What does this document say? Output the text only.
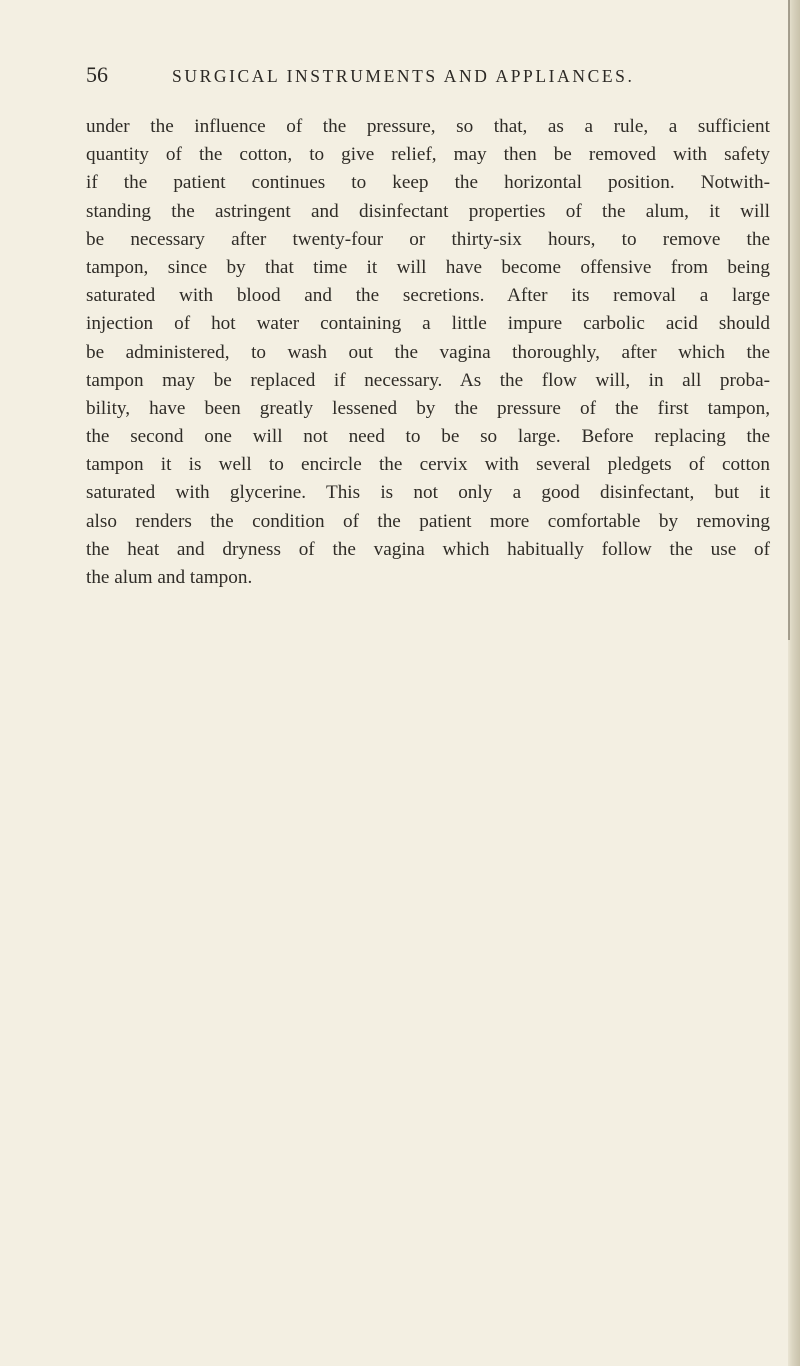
56	SURGICAL INSTRUMENTS AND APPLIANCES.
under the influence of the pressure, so that, as a rule, a sufficient
quantity of the cotton, to give relief, may then be removed with safety
if the patient continues to keep the horizontal position. Notwith-
standing the astringent and disinfectant properties of the alum, it will
be necessary after twenty-four or thirty-six hours, to remove the
tampon, since by that time it will have become offensive from being
saturated with blood and the secretions. After its removal a large
injection of hot water containing a little impure carbolic acid should
be administered, to wash out the vagina thoroughly, after which the
tampon may be replaced if necessary. As the flow will, in all proba-
bility, have been greatly lessened by the pressure of the first tampon,
the second one will not need to be so large. Before replacing the
tampon it is well to encircle the cervix with several pledgets of cotton
saturated with glycerine. This is not only a good disinfectant, but it
also renders the condition of the patient more comfortable by removing
the heat and dryness of the vagina which habitually follow the use of
the alum and tampon.
